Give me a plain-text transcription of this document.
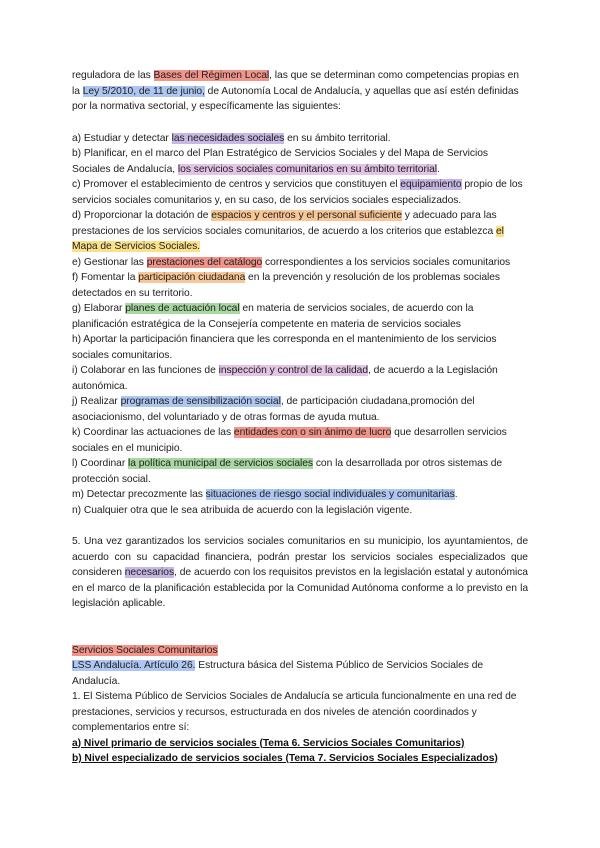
reguladora de las Bases del Régimen Local, las que se determinan como competencias propias en la Ley 5/2010, de 11 de junio, de Autonomía Local de Andalucía, y aquellas que así estén definidas por la normativa sectorial, y específicamente las siguientes:

a) Estudiar y detectar las necesidades sociales en su ámbito territorial.

b) Planificar, en el marco del Plan Estratégico de Servicios Sociales y del Mapa de Servicios Sociales de Andalucía, los servicios sociales comunitarios en su ámbito territorial.

c) Promover el establecimiento de centros y servicios que constituyen el equipamiento propio de los servicios sociales comunitarios y, en su caso, de los servicios sociales especializados.

d) Proporcionar la dotación de espacios y centros y el personal suficiente y adecuado para las prestaciones de los servicios sociales comunitarios, de acuerdo a los criterios que establezca el Mapa de Servicios Sociales.

e) Gestionar las prestaciones del catálogo correspondientes a los servicios sociales comunitarios

f) Fomentar la participación ciudadana en la prevención y resolución de los problemas sociales detectados en su territorio.

g) Elaborar planes de actuación local en materia de servicios sociales, de acuerdo con la planificación estratégica de la Consejería competente en materia de servicios sociales

h) Aportar la participación financiera que les corresponda en el mantenimiento de los servicios sociales comunitarios.

i) Colaborar en las funciones de inspección y control de la calidad, de acuerdo a la Legislación autonómica.

j) Realizar programas de sensibilización social, de participación ciudadana,promoción del asociacionismo, del voluntariado y de otras formas de ayuda mutua.

k) Coordinar las actuaciones de las entidades con o sin ánimo de lucro que desarrollen servicios sociales en el municipio.

l) Coordinar la política municipal de servicios sociales con la desarrollada por otros sistemas de protección social.

m) Detectar precozmente las situaciones de riesgo social individuales y comunitarias.

n) Cualquier otra que le sea atribuida de acuerdo con la legislación vigente.

5. Una vez garantizados los servicios sociales comunitarios en su municipio, los ayuntamientos, de acuerdo con su capacidad financiera, podrán prestar los servicios sociales especializados que consideren necesarios, de acuerdo con los requisitos previstos en la legislación estatal y autonómica en el marco de la planificación establecida por la Comunidad Autónoma conforme a lo previsto en la legislación aplicable.

Servicios Sociales Comunitarios

LSS Andalucía. Artículo 26. Estructura básica del Sistema Público de Servicios Sociales de Andalucía.

1. El Sistema Público de Servicios Sociales de Andalucía se articula funcionalmente en una red de prestaciones, servicios y recursos, estructurada en dos niveles de atención coordinados y complementarios entre sí:

a) Nivel primario de servicios sociales (Tema 6. Servicios Sociales Comunitarios)

b) Nivel especializado de servicios sociales (Tema 7. Servicios Sociales Especializados)
